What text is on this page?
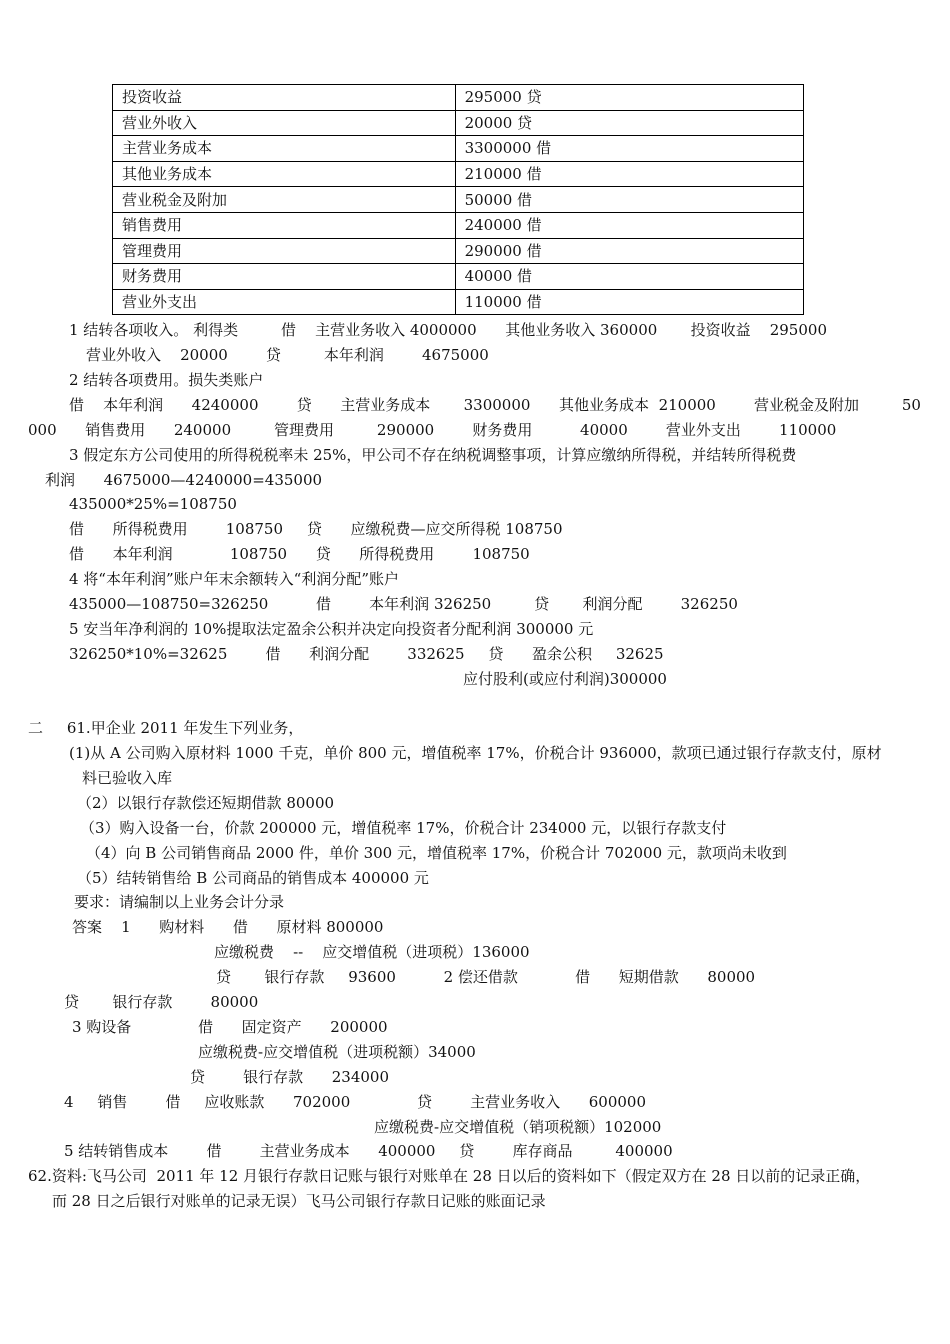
投资收益	295000 贷
营业外收入	20000 贷
主营业务成本	3300000 借
其他业务成本	210000 借
营业税金及附加	50000 借
销售费用	240000 借
管理费用	290000 借
财务费用	40000 借
营业外支出	110000 借
1 结转各项收入。 利得类         借    主营业务收入 4000000      其他业务收入 360000       投资收益    295000
营业外收入    20000        贷         本年利润        4675000
2 结转各项费用。损失类账户
借    本年利润      4240000        贷      主营业务成本       3300000      其他业务成本  210000        营业税金及附加         50
000      销售费用      240000         管理费用         290000        财务费用          40000        营业外支出        110000
3 假定东方公司使用的所得税税率未 25%，甲公司不存在纳税调整事项，计算应缴纳所得税，并结转所得税费
利润      4675000—4240000=435000
435000*25%=108750
借      所得税费用        108750     贷      应缴税费—应交所得税 108750
借      本年利润            108750      贷      所得税费用        108750
4 将“本年利润”账户年末余额转入“利润分配”账户
435000—108750=326250          借        本年利润 326250         贷       利润分配        326250
5 安当年净利润的 10%提取法定盈余公积并决定向投资者分配利润 300000 元
326250*10%=32625        借      利润分配        332625     贷      盈余公积     32625
应付股利(或应付利润)300000
二     61.甲企业 2011 年发生下列业务，
(1)从 A 公司购入原材料 1000 千克，单价 800 元，增值税率 17%，价税合计 936000，款项已通过银行存款支付，原材
料已验收入库
（2）以银行存款偿还短期借款 80000
（3）购入设备一台，价款 200000 元，增值税率 17%，价税合计 234000 元，以银行存款支付
（4）向 B 公司销售商品 2000 件，单价 300 元，增值税率 17%，价税合计 702000 元，款项尚未收到
（5）结转销售给 B 公司商品的销售成本 400000 元
要求：请编制以上业务会计分录
答案    1      购材料      借      原材料 800000
应缴税费    --    应交增值税（进项税）136000
贷       银行存款     93600          2 偿还借款            借      短期借款      80000
贷       银行存款        80000
3 购设备              借      固定资产      200000
应缴税费-应交增值税（进项税额）34000
贷        银行存款      234000
4     销售        借     应收账款      702000              贷        主营业务收入      600000
应缴税费-应交增值税（销项税额）102000
5 结转销售成本        借        主营业务成本      400000     贷        库存商品         400000
62.资料:飞马公司  2011 年 12 月银行存款日记账与银行对账单在 28 日以后的资料如下（假定双方在 28 日以前的记录正确，
而 28 日之后银行对账单的记录无误）飞马公司银行存款日记账的账面记录
